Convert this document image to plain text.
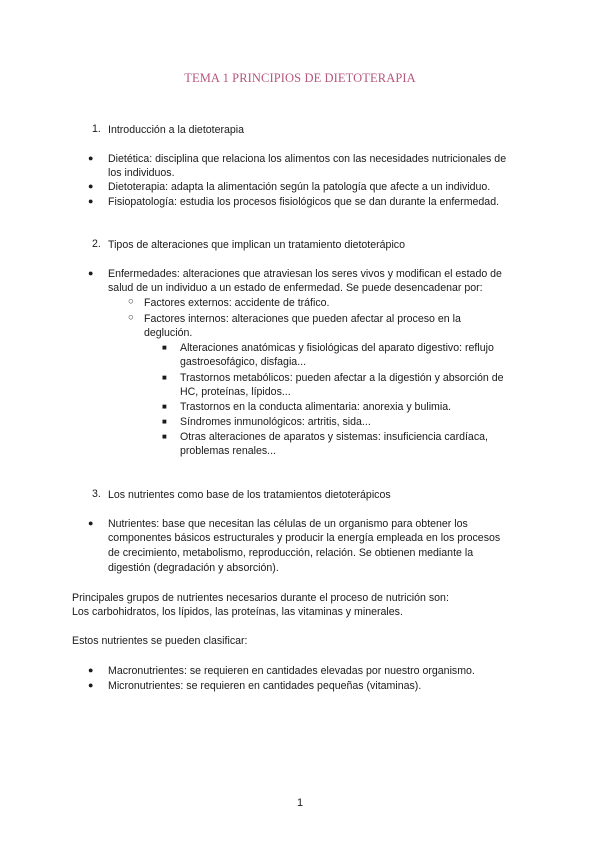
TEMA 1 PRINCIPIOS DE DIETOTERAPIA
1. Introducción a la dietoterapia
● Dietética: disciplina que relaciona los alimentos con las necesidades nutricionales de
los individuos.
● Dietoterapia: adapta la alimentación según la patología que afecte a un individuo.
● Fisiopatología: estudia los procesos fisiológicos que se dan durante la enfermedad.
2. Tipos de alteraciones que implican un tratamiento dietoterápico
● Enfermedades: alteraciones que atraviesan los seres vivos y modifican el estado de
salud de un individuo a un estado de enfermedad. Se puede desencadenar por:
○ Factores externos: accidente de tráfico.
○ Factores internos: alteraciones que pueden afectar al proceso en la
deglución.
■ Alteraciones anatómicas y fisiológicas del aparato digestivo: reflujo
gastroesofágico, disfagia...
■ Trastornos metabólicos: pueden afectar a la digestión y absorción de
HC, proteínas, lípidos...
■ Trastornos en la conducta alimentaria: anorexia y bulimia.
■ Síndromes inmunológicos: artritis, sida...
■ Otras alteraciones de aparatos y sistemas: insuficiencia cardíaca,
problemas renales...
3. Los nutrientes como base de los tratamientos dietoterápicos
● Nutrientes: base que necesitan las células de un organismo para obtener los
componentes básicos estructurales y producir la energía empleada en los procesos
de crecimiento, metabolismo, reproducción, relación. Se obtienen mediante la
digestión (degradación y absorción).
Principales grupos de nutrientes necesarios durante el proceso de nutrición son:
Los carbohidratos, los lípidos, las proteínas, las vitaminas y minerales.
Estos nutrientes se pueden clasificar:
● Macronutrientes: se requieren en cantidades elevadas por nuestro organismo.
● Micronutrientes: se requieren en cantidades pequeñas (vitaminas).
1
